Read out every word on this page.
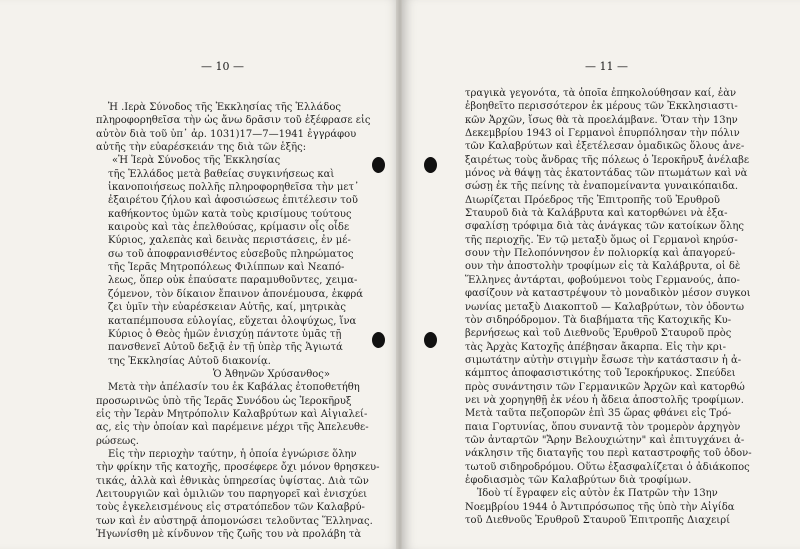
— 10 —
Ἡ .Ιερὰ Σύνοδος τῆς Ἐκκλησίας τῆς Ἑλλάδος
πληροφορηθεῖσα τὴν ὡς ἄνω δρᾶσιν τοῦ ἐξέφρασε εἰς
αὐτὸν διὰ τοῦ ὑπ᾿ ἀρ. 1031)17—7—1941 ἐγγράφου
αὐτῆς τὴν εὐαρέσκειάν της διὰ τῶν ἑξῆς:
«Ἡ Ἱερὰ Σύνοδος τῆς Ἐκκλησίας
τῆς Ἑλλάδος μετὰ βαθείας συγκινήσεως καὶ
ἱκανοποιήσεως πολλῆς πληροφορηθεῖσα τὴν μετ᾿
ἐξαιρέτου ζήλου καὶ ἀφοσιώσεως ἐπιτέλεσιν τοῦ
καθήκοντος ὑμῶν κατὰ τοὺς κρισίμους τούτους
καιροὺς καὶ τὰς ἐπελθούσας, κρίμασιν οἷς οἶδε
Κύριος, χαλεπὰς καὶ δεινὰς περιστάσεις, ἐν μέ-
σω τοῦ ἀποφρανισθέντος εὐσεβοῦς πληρώματος
τῆς Ἱερᾶς Μητροπόλεως Φιλίππων καὶ Νεαπό-
λεως, ὅπερ οὐκ ἐπαύσατε παραμυθοῦντες, χειμα-
ζόμενον, τὸν δίκαιον ἔπαινον ἀπονέμουσα, ἐκφρά
ζει ὑμῖν τὴν εὐαρέσκειαν Αὐτῆς, καί, μητρικὰς
καταπέμπουσα εὐλογίας, εὔχεται ὁλοψύχως, ἵνα
Κύριος ὁ Θεὸς ἡμῶν ἐνισχύῃ πάντοτε ὑμᾶς τῇ
πανσθενεῖ Αὐτοῦ δεξιᾷ ἐν τῇ ὑπὲρ τῆς Ἁγιωτά
της Ἐκκλησίας Αὐτοῦ διακονίᾳ.
Ὁ Ἀθηνῶν Χρύσανθος»
Μετὰ τὴν ἀπέλασίν του ἐκ Καβάλας ἐτοποθετήθη
προσωρινῶς ὑπὸ τῆς Ἱερᾶς Συνόδου ὡς Ἱεροκῆρυξ
εἰς τὴν Ἱερὰν Μητρόπολιν Καλαβρύτων καὶ Αἰγιαλεί-
ας, εἰς τὴν ὁποίαν καὶ παρέμεινε μέχρι τῆς Ἀπελευθε-
ρώσεως.
Εἰς τὴν περιοχὴν ταύτην, ἡ ὁποία ἐγνώρισε ὅλην
τὴν φρίκην τῆς κατοχῆς, προσέφερε ὄχι μόνον θρησκευ-
τικάς, ἀλλὰ καὶ ἐθνικὰς ὑπηρεσίας ὑψίστας. Διὰ τῶν
Λειτουργιῶν καὶ ὁμιλιῶν του παρηγορεῖ καὶ ἐνισχύει
τοὺς ἐγκελεισμένους εἰς στρατόπεδον τῶν Καλαβρύ-
των καὶ ἐν αὐστηρᾷ ἀπομονώσει τελοῦντας Ἕλληνας.
Ἠγωνίσθη μὲ κίνδυνον τῆς ζωῆς του νὰ προλάβη τὰ
— 11 —
τραγικὰ γεγονότα, τὰ ὁποῖα ἐπηκολούθησαν καί, ἐὰν
ἐβοηθεῖτο περισσότερον ἐκ μέρους τῶν Ἐκκλησιαστι-
κῶν Ἀρχῶν, ἴσως θὰ τὰ προελάμβανε. Ὅταν τὴν 13ην
Δεκεμβρίου 1943 οἱ Γερμανοὶ ἐπυρπόλησαν τὴν πόλιν
τῶν Καλαβρύτων καὶ ἐξετέλεσαν ὁμαδικῶς ὅλους ἀνε-
ξαιρέτως τοὺς ἄνδρας τῆς πόλεως ὁ Ἱεροκῆρυξ ἀνέλαβε
μόνος νὰ θάψῃ τὰς ἑκατοντάδας τῶν πτωμάτων καὶ νὰ
σώσῃ ἐκ τῆς πείνης τὰ ἐναπομείναντα γυναικόπαιδα.
Διωρίζεται Πρόεδρος τῆς Ἐπιτροπῆς τοῦ Ἐρυθροῦ
Σταυροῦ διὰ τὰ Καλάβρυτα καὶ κατορθώνει νὰ ἐξα-
σφαλίσῃ τρόφιμα διὰ τὰς ἀνάγκας τῶν κατοίκων ὅλης
τῆς περιοχῆς. Ἐν τῷ μεταξὺ ὅμως οἱ Γερμανοὶ κηρύσ-
σουν τὴν Πελοπόννησον ἐν πολιορκίᾳ καὶ ἀπαγορεύ-
ουν τὴν ἀποστολὴν τροφίμων εἰς τὰ Καλάβρυτα, οἱ δὲ
Ἕλληνες ἀντάρται, φοβούμενοι τοὺς Γερμανούς, ἀπο-
φασίζουν νὰ καταστρέψουν τὸ μοναδικὸν μέσον συγκοι
νωνίας μεταξὺ Διακοπτοῦ — Καλαβρύτων, τὸν ὀδοντω
τὸν σιδηρόδρομον. Τὰ διαβήματα τῆς Κατοχικῆς Κυ-
βερνήσεως καὶ τοῦ Διεθνοῦς Ἐρυθροῦ Σταυροῦ πρὸς
τὰς Ἀρχὰς Κατοχῆς ἀπέβησαν ἄκαρπα. Εἰς τὴν κρι-
σιμωτάτην αὐτὴν στιγμὴν ἔσωσε τὴν κατάστασιν ἡ ἀ-
κάμπτος ἀποφασιστικότης τοῦ Ἱεροκήρυκος. Σπεύδει
πρὸς συνάντησιν τῶν Γερμανικῶν Ἀρχῶν καὶ κατορθώ
νει νὰ χορηγηθῇ ἐκ νέου ἡ ἄδεια ἀποστολῆς τροφίμων.
Μετὰ ταῦτα πεζοπορῶν ἐπὶ 35 ὥρας φθάνει εἰς Τρό-
παια Γορτυνίας, ὅπου συναντᾷ τὸν τρομερὸν ἀρχηγὸν
τῶν ἀνταρτῶν "Ἄρην Βελουχιώτην" καὶ ἐπιτυγχάνει ἀ-
νάκλησιν τῆς διαταγῆς του περὶ καταστροφῆς τοῦ ὀδον-
τωτοῦ σιδηροδρόμου. Οὕτω ἐξασφαλίζεται ὁ ἀδιάκοπος
ἐφοδιασμὸς τῶν Καλαβρύτων διὰ τροφίμων.
Ἰδοὺ τί ἔγραφεν εἰς αὐτὸν ἐκ Πατρῶν τὴν 13ην
Νοεμβρίου 1944 ὁ Ἀντιπρόσωπος τῆς ὑπὸ τὴν Αἰγίδα
τοῦ Διεθνοῦς Ἐρυθροῦ Σταυροῦ Ἐπιτροπῆς Διαχειρί
